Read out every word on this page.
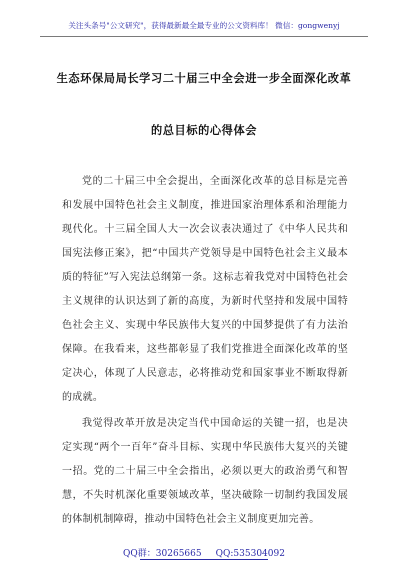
关注头条号"公文研究"，获得最新最全最专业的公文资料库！ 微信：gongwenyj
生态环保局局长学习二十届三中全会进一步全面深化改革
的总目标的心得体会

党的二十届三中全会提出，全面深化改革的总目标是完善和发展中国特色社会主义制度，推进国家治理体系和治理能力现代化。十三届全国人大一次会议表决通过了《中华人民共和国宪法修正案》，把“中国共产党领导是中国特色社会主义最本质的特征”写入宪法总纲第一条。这标志着我党对中国特色社会主义规律的认识达到了新的高度，为新时代坚持和发展中国特色社会主义、实现中华民族伟大复兴的中国梦提供了有力法治保障。在我看来，这些都彰显了我们党推进全面深化改革的坚定决心，体现了人民意志，必将推动党和国家事业不断取得新的成就。

我觉得改革开放是决定当代中国命运的关键一招，也是决定实现“两个一百年”奋斗目标、实现中华民族伟大复兴的关键一招。党的二十届三中全会指出，必须以更大的政治勇气和智慧，不失时机深化重要领域改革，坚决破除一切制约我国发展的体制机制障碍，推动中国特色社会主义制度更加完善。

QQ群：30265665 QQ:535304092
